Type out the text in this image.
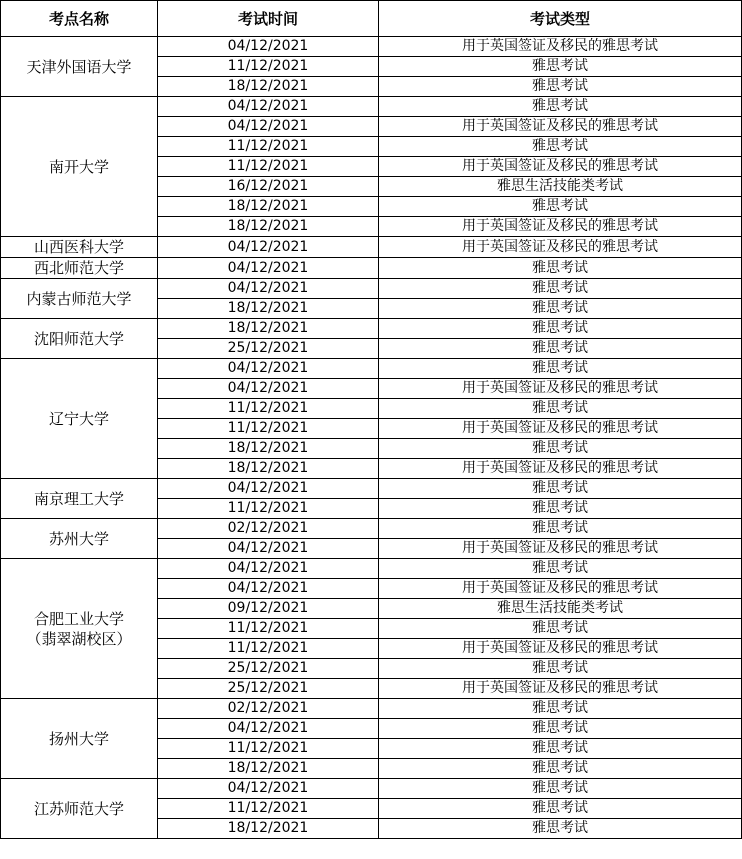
考点名称	考试时间	考试类型

天津外国语大学	04/12/2021	用于英国签证及移民的雅思考试
	11/12/2021	雅思考试
	18/12/2021	雅思考试

南开大学	04/12/2021	雅思考试
	04/12/2021	用于英国签证及移民的雅思考试
	11/12/2021	雅思考试
	11/12/2021	用于英国签证及移民的雅思考试
	16/12/2021	雅思生活技能类考试
	18/12/2021	雅思考试
	18/12/2021	用于英国签证及移民的雅思考试

山西医科大学	04/12/2021	用于英国签证及移民的雅思考试

西北师范大学	04/12/2021	雅思考试

内蒙古师范大学	04/12/2021	雅思考试
	18/12/2021	雅思考试

沈阳师范大学	18/12/2021	雅思考试
	25/12/2021	雅思考试

辽宁大学	04/12/2021	雅思考试
	04/12/2021	用于英国签证及移民的雅思考试
	11/12/2021	雅思考试
	11/12/2021	用于英国签证及移民的雅思考试
	18/12/2021	雅思考试
	18/12/2021	用于英国签证及移民的雅思考试

南京理工大学	04/12/2021	雅思考试
	11/12/2021	雅思考试

苏州大学	02/12/2021	雅思考试
	04/12/2021	用于英国签证及移民的雅思考试

合肥工业大学
（翡翠湖校区）	04/12/2021	雅思考试
	04/12/2021	用于英国签证及移民的雅思考试
	09/12/2021	雅思生活技能类考试
	11/12/2021	雅思考试
	11/12/2021	用于英国签证及移民的雅思考试
	25/12/2021	雅思考试
	25/12/2021	用于英国签证及移民的雅思考试

扬州大学	02/12/2021	雅思考试
	04/12/2021	雅思考试
	11/12/2021	雅思考试
	18/12/2021	雅思考试

江苏师范大学	04/12/2021	雅思考试
	11/12/2021	雅思考试
	18/12/2021	雅思考试
